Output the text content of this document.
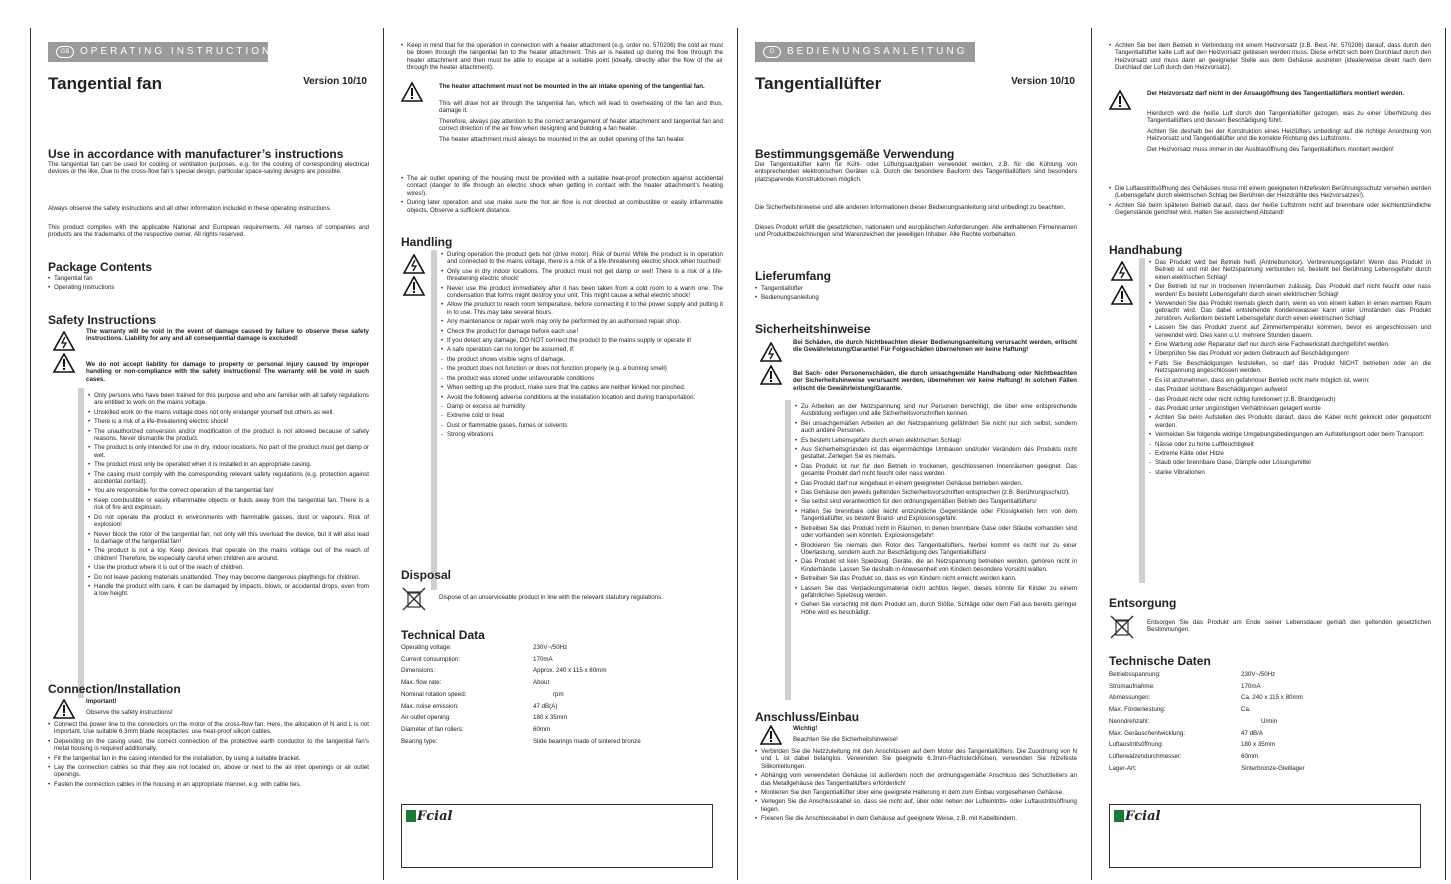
GB OPERATING INSTRUCTIONS
Tangential fan	Version 10/10
Use in accordance with manufacturer’s instructions
The tangential fan can be used for cooling or ventilation purposes, e.g. for the cooling of corresponding electrical devices or the like. Due to the cross-flow fan’s special design, particular space-saving designs are possible.
Always observe the safety instructions and all other information included in these operating instructions.
This product complies with the applicable National and European requirements. All names of companies and products are the trademarks of the respective owner. All rights reserved.
Package Contents
• Tangential fan
• Operating Instructions
Safety Instructions
The warranty will be void in the event of damage caused by failure to observe these safety instructions. Liability for any and all consequential damage is excluded!
We do not accept liability for damage to property or personal injury caused by improper handling or non-compliance with the safety instructions! The warranty will be void in such cases.
• Only persons who have been trained for this purpose and who are familiar with all safety regulations are entitled to work on the mains voltage.
• Unskilled work on the mains voltage does not only endanger yourself but others as well.
• There is a risk of a life-threatening electric shock!
• The unauthorized conversion and/or modification of the product is not allowed because of safety reasons. Never dismantle the product.
• The product is only intended for use in dry, indoor locations. No part of the product must get damp or wet.
• The product must only be operated when it is installed in an appropriate casing.
• The casing must comply with the corresponding relevant safety regulations (e.g. protection against accidental contact).
• You are responsible for the correct operation of the tangential fan!
• Keep combustible or easily inflammable objects or fluids away from the tangential fan. There is a risk of fire and explosion.
• Do not operate the product in environments with flammable gasses, dust or vapours. Risk of explosion!
• Never block the rotor of the tangential fan; not only will this overload the device, but it will also lead to damage of the tangential fan!
• The product is not a toy. Keep devices that operate on the mains voltage out of the reach of children! Therefore, be especially careful when children are around.
• Use the product where it is out of the reach of children.
• Do not leave packing materials unattended. They may become dangerous playthings for children.
• Handle the product with care, it can be damaged by impacts, blows, or accidental drops, even from a low height.
Connection/Installation
Important!
Observe the safety instructions!
• Connect the power line to the connectors on the motor of the cross-flow fan. Here, the allocation of N and L is not important. Use suitable 6.3mm blade receptacles; use heat-proof silicon cables.
• Depending on the casing used, the correct connection of the protective earth conductor to the tangential fan’s metal housing is required additionally.
• Fit the tangential fan in the casing intended for the installation, by using a suitable bracket.
• Lay the connection cables so that they are not located on, above or next to the air inlet openings or air outlet openings.
• Fasten the connection cables in the housing in an appropriate manner, e.g. with cable ties.
• Keep in mind that for the operation in connection with a heater attachment (e.g. order no. 570206) the cold air must be blown through the tangential fan to the heater attachment. This air is heated up during the flow through the heater attachment and then must be able to escape at a suitable point (ideally, directly after the flow of the air through the heater attachment).
The heater attachment must not be mounted in the air intake opening of the tangential fan.
This will draw hot air through the tangential fan, which will lead to overheating of the fan and thus, damage it.
Therefore, always pay attention to the correct arrangement of heater attachment and tangential fan and correct direction of the air flow when designing and building a fan heater.
The heater attachment must always be mounted in the air outlet opening of the fan heater.
• The air outlet opening of the housing must be provided with a suitable heat-proof protection against accidental contact (danger to life through an electric shock when getting in contact with the heater attachment’s heating wires!).
• During later operation and use make sure the hot air flow is not directed at combustible or easily inflammable objects. Observe a sufficient distance.
Handling
• During operation the product gets hot (drive motor). Risk of burns! While the product is in operation and connected to the mains voltage, there is a risk of a life-threatening electric shock when touched!
• Only use in dry indoor locations. The product must not get damp or wet! There is a risk of a life-threatening electric shock!
• Never use the product immediately after it has been taken from a cold room to a warm one. The condensation that forms might destroy your unit. This might cause a lethal electric shock!
• Allow the product to reach room temperature, before connecting it to the power supply and putting it in to use. This may take several hours.
• Any maintenance or repair work may only be performed by an authorised repair shop.
• Check the product for damage before each use!
• If you detect any damage, DO NOT connect the product to the mains supply or operate it!
• A safe operation can no longer be assumed, if:
- the product shows visible signs of damage,
- the product does not function or does not function properly (e.g. a burning smell)
- the product was stored under unfavourable conditions
• When setting up the product, make sure that the cables are neither kinked nor pinched.
• Avoid the following adverse conditions at the installation location and during transportation:
- Damp or excess air humidity
- Extreme cold or heat
- Dust or flammable gases, fumes or solvents
- Strong vibrations
Disposal
Dispose of an unserviceable product in line with the relevant statutory regulations.
Technical Data
Operating voltage:	230V~/50Hz
Current consumption:	170mA
Dimensions:	Approx. 240 x 115 x 80mm
Max. flow rate:	About
Nominal rotation speed:	rpm
Max. noise emission:	47 dB(A)
Air outlet opening:	180 x 35mm
Diameter of fan rollers:	60mm
Bearing type:	Slide bearings made of sintered bronze
Fcial
D BEDIENUNGSANLEITUNG
Tangentiallüfter	Version 10/10
Bestimmungsgemäße Verwendung
Der Tangentiallüfter kann für Kühl- oder Lüftungsaufgaben verwendet werden, z.B. für die Kühlung von entsprechenden elektronischen Geräten o.ä. Durch die besondere Bauform des Tangentiallüfters sind besonders platzsparende Konstruktionen möglich.
Die Sicherheitshinweise und alle anderen Informationen dieser Bedienungsanleitung sind unbedingt zu beachten.
Dieses Produkt erfüllt die gesetzlichen, nationalen und europäischen Anforderungen. Alle enthaltenen Firmennamen und Produktbezeichnungen sind Warenzeichen der jeweiligen Inhaber. Alle Rechte vorbehalten.
Lieferumfang
• Tangentiallüfter
• Bedienungsanleitung
Sicherheitshinweise
Bei Schäden, die durch Nichtbeachten dieser Bedienungsanleitung verursacht werden, erlischt die Gewährleistung/Garantie! Für Folgeschäden übernehmen wir keine Haftung!
Bei Sach- oder Personenschäden, die durch unsachgemäße Handhabung oder Nichtbeachten der Sicherheitshinweise verursacht werden, übernehmen wir keine Haftung! In solchen Fällen erlischt die Gewährleistung/Garantie.
• Zu Arbeiten an der Netzspannung sind nur Personen berechtigt, die über eine entsprechende Ausbildung verfügen und alle Sicherheitsvorschriften kennen.
• Bei unsachgemäßen Arbeiten an der Netzspannung gefährden Sie nicht nur sich selbst, sondern auch andere Personen.
• Es besteht Lebensgefahr durch einen elektrischen Schlag!
• Aus Sicherheitsgründen ist das eigenmächtige Umbauen und/oder Verändern des Produkts nicht gestattet. Zerlegen Sie es niemals.
• Das Produkt ist nur für den Betrieb in trockenen, geschlossenen Innenräumen geeignet. Das gesamte Produkt darf nicht feucht oder nass werden.
• Das Produkt darf nur eingebaut in einem geeigneten Gehäuse betrieben werden.
• Das Gehäuse den jeweils geltenden Sicherheitsvorschriften entsprechen (z.B. Berührungsschutz).
• Sie selbst sind verantwortlich für den ordnungsgemäßen Betrieb des Tangentiallüfters!
• Halten Sie brennbare oder leicht entzündliche Gegenstände oder Flüssigkeiten fern von dem Tangentiallüfter, es besteht Brand- und Explosionsgefahr.
• Betreiben Sie das Produkt nicht in Räumen, in denen brennbare Gase oder Stäube vorhanden sind oder vorhanden sein könnten. Explosionsgefahr!
• Blockieren Sie niemals den Rotor des Tangentiallüfters, hierbei kommt es nicht nur zu einer Überlastung, sondern auch zur Beschädigung des Tangentiallüfters!
• Das Produkt ist kein Spielzeug. Geräte, die an Netzspannung betrieben werden, gehören nicht in Kinderhände. Lassen Sie deshalb in Anwesenheit von Kindern besondere Vorsicht walten.
• Betreiben Sie das Produkt so, dass es von Kindern nicht erreicht werden kann.
• Lassen Sie das Verpackungsmaterial nicht achtlos liegen, dieses könnte für Kinder zu einem gefährlichen Spielzeug werden.
• Gehen Sie vorsichtig mit dem Produkt um, durch Stöße, Schläge oder dem Fall aus bereits geringer Höhe wird es beschädigt.
Anschluss/Einbau
Wichtig!
Beachten Sie die Sicherheitshinweise!
• Verbinden Sie die Netzzuleitung mit den Anschlüssen auf dem Motor des Tangentiallüfters. Die Zuordnung von N und L ist dabei belanglos. Verwenden Sie geeignete 6.3mm-Flachsteckhülsen, verwenden Sie hitzefeste Silikonleitungen.
• Abhängig vom verwendeten Gehäuse ist außerdem noch der ordnungsgemäße Anschluss des Schutzleiters an das Metallgehäuse des Tangentiallüfters erforderlich!
• Montieren Sie den Tangentiallüfter über eine geeignete Halterung in dem zum Einbau vorgesehenen Gehäuse.
• Verlegen Sie die Anschlusskabel so, dass sie nicht auf, über oder neben der Lufteintritts- oder Luftaustrittsöffnung liegen.
• Fixieren Sie die Anschlusskabel in dem Gehäuse auf geeignete Weise, z.B. mit Kabelbindern.
• Achten Sie bei dem Betrieb in Verbindung mit einem Heizvorsatz (z.B. Best.-Nr. 570206) darauf, dass durch den Tangentiallüfter kalte Luft auf den Heizvorsatz geblasen werden muss. Diese erhitzt sich beim Durchlauf durch den Heizvorsatz und muss dann an geeigneter Stelle aus dem Gehäuse austreten (idealerweise direkt nach dem Durchlauf der Luft durch den Heizvorsatz).
Der Heizvorsatz darf nicht in der Ansaugöffnung des Tangentiallüfters montiert werden.
Hierdurch wird die heiße Luft durch den Tangentiallüfter gezogen, was zu einer Überhitzung des Tangentiallüfters und dessen Beschädigung führt.
Achten Sie deshalb bei der Konstruktion eines Heizlüfters unbedingt auf die richtige Anordnung von Heizvorsatz und Tangentiallüfter und die korrekte Richtung des Luftstroms.
Der Heizvorsatz muss immer in der Ausblasöffnung des Tangentiallüfters montiert werden!
• Die Luftaustrittsöffnung des Gehäuses muss mit einem geeigneten hitzefesten Berührungsschutz versehen werden (Lebensgefahr durch elektrischen Schlag bei Berühren der Heizdrähte des Heizvorsatzes!).
• Achten Sie beim späteren Betrieb darauf, dass der heiße Luftstrom nicht auf brennbare oder leichtentzündliche Gegenstände gerichtet wird. Halten Sie ausreichend Abstand!
Handhabung
• Das Produkt wird bei Betrieb heiß (Antriebsmotor). Verbrennungsgefahr! Wenn das Produkt in Betrieb ist und mit der Netzspannung verbunden ist, besteht bei Berührung Lebensgefahr durch einen elektrischen Schlag!
• Der Betrieb ist nur in trockenen Innenräumen zulässig. Das Produkt darf nicht feucht oder nass werden! Es besteht Lebensgefahr durch einen elektrischen Schlag!
• Verwenden Sie das Produkt niemals gleich dann, wenn es von einem kalten in einen warmen Raum gebracht wird. Das dabei entstehende Kondenswasser kann unter Umständen das Produkt zerstören. Außerdem besteht Lebensgefahr durch einen elektrischen Schlag!
• Lassen Sie das Produkt zuerst auf Zimmertemperatur kommen, bevor es angeschlossen und verwendet wird. Dies kann u.U. mehrere Stunden dauern.
• Eine Wartung oder Reparatur darf nur durch eine Fachwerkstatt durchgeführt werden.
• Überprüfen Sie das Produkt vor jedem Gebrauch auf Beschädigungen!
• Falls Sie Beschädigungen feststellen, so darf das Produkt NICHT betrieben oder an die Netzspannung angeschlossen werden.
• Es ist anzunehmen, dass ein gefahrloser Betrieb nicht mehr möglich ist, wenn:
- das Produkt sichtbare Beschädigungen aufweist
- das Produkt nicht oder nicht richtig funktioniert (z.B. Brandgeruch)
- das Produkt unter ungünstigen Verhältnissen gelagert wurde
• Achten Sie beim Aufstellen des Produkts darauf, dass die Kabel nicht geknickt oder gequetscht werden.
• Vermeiden Sie folgende widrige Umgebungsbedingungen am Aufstellungsort oder beim Transport:
- Nässe oder zu hohe Luftfeuchtigkeit
- Extreme Kälte oder Hitze
- Staub oder brennbare Gase, Dämpfe oder Lösungsmittel
- starke Vibrationen
Entsorgung
Entsorgen Sie das Produkt am Ende seiner Lebensdauer gemäß den geltenden gesetzlichen Bestimmungen.
Technische Daten
Betriebsspannung:	230V~/50Hz
Stromaufnahme:	170mA
Abmessungen:	Ca. 240 x 115 x 80mm
Max. Förderleistung:	Ca.
Nenndrehzahl:	U/min
Max. Geräuschentwicklung:	47 dB/A
Luftaustrittsöffnung:	180 x 35mm
Lüfterwalzendurchmesser:	60mm
Lager-Art:	Sinterbronze-Gleitlager
Fcial
